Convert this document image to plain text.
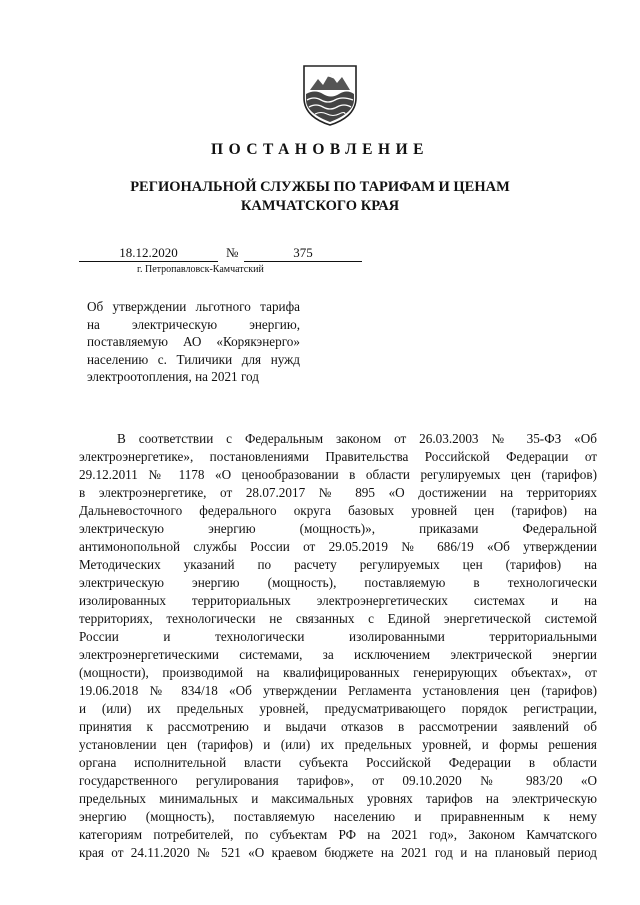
ПОСТАНОВЛЕНИЕ
РЕГИОНАЛЬНОЙ СЛУЖБЫ ПО ТАРИФАМ И ЦЕНАМ
КАМЧАТСКОГО КРАЯ
18.12.2020	№	375
г. Петропавловск-Камчатский
Об утверждении льготного тарифа
на электрическую энергию,
поставляемую АО «Корякэнерго»
населению с. Тиличики для нужд
электроотопления, на 2021 год
В соответствии с Федеральным законом от 26.03.2003 № 35-ФЗ «Об
электроэнергетике», постановлениями Правительства Российской Федерации от
29.12.2011 № 1178 «О ценообразовании в области регулируемых цен (тарифов)
в электроэнергетике, от 28.07.2017 № 895 «О достижении на территориях
Дальневосточного федерального округа базовых уровней цен (тарифов) на
электрическую энергию (мощность)», приказами Федеральной
антимонопольной службы России от 29.05.2019 № 686/19 «Об утверждении
Методических указаний по расчету регулируемых цен (тарифов) на
электрическую энергию (мощность), поставляемую в технологически
изолированных территориальных электроэнергетических системах и на
территориях, технологически не связанных с Единой энергетической системой
России и технологически изолированными территориальными
электроэнергетическими системами, за исключением электрической энергии
(мощности), производимой на квалифицированных генерирующих объектах», от
19.06.2018 № 834/18 «Об утверждении Регламента установления цен (тарифов)
и (или) их предельных уровней, предусматривающего порядок регистрации,
принятия к рассмотрению и выдачи отказов в рассмотрении заявлений об
установлении цен (тарифов) и (или) их предельных уровней, и формы решения
органа исполнительной власти субъекта Российской Федерации в области
государственного регулирования тарифов», от 09.10.2020 № 983/20 «О
предельных минимальных и максимальных уровнях тарифов на электрическую
энергию (мощность), поставляемую населению и приравненным к нему
категориям потребителей, по субъектам РФ на 2021 год», Законом Камчатского
края от 24.11.2020 № 521 «О краевом бюджете на 2021 год и на плановый период
